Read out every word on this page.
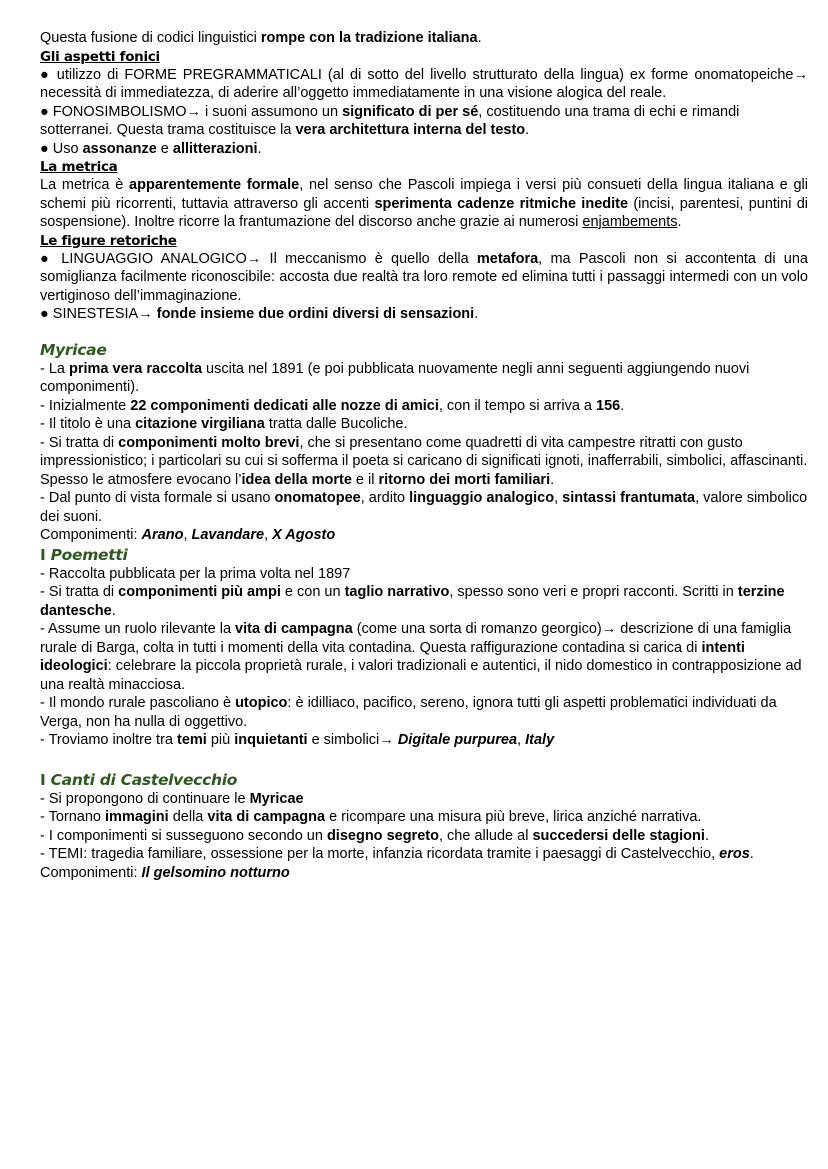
Questa fusione di codici linguistici rompe con la tradizione italiana.

Gli aspetti fonici

● utilizzo di FORME PREGRAMMATICALI (al di sotto del livello strutturato della lingua) ex forme onomatopeiche→ necessità di immediatezza, di aderire all’oggetto immediatamente in una visione alogica del reale.

● FONOSIMBOLISMO→ i suoni assumono un significato di per sé, costituendo una trama di echi e rimandi sotterranei. Questa trama costituisce la vera architettura interna del testo.

● Uso assonanze e allitterazioni.

La metrica

La metrica è apparentemente formale, nel senso che Pascoli impiega i versi più consueti della lingua italiana e gli schemi più ricorrenti, tuttavia attraverso gli accenti sperimenta cadenze ritmiche inedite (incisi, parentesi, puntini di sospensione). Inoltre ricorre la frantumazione del discorso anche grazie ai numerosi enjambements.

Le figure retoriche

● LINGUAGGIO ANALOGICO→ Il meccanismo è quello della metafora, ma Pascoli non si accontenta di una somiglianza facilmente riconoscibile: accosta due realtà tra loro remote ed elimina tutti i passaggi intermedi con un volo vertiginoso dell’immaginazione.

● SINESTESIA→ fonde insieme due ordini diversi di sensazioni.

Myricae

- La prima vera raccolta uscita nel 1891 (e poi pubblicata nuovamente negli anni seguenti aggiungendo nuovi componimenti).

- Inizialmente 22 componimenti dedicati alle nozze di amici, con il tempo si arriva a 156.

- Il titolo è una citazione virgiliana tratta dalle Bucoliche.

- Si tratta di componimenti molto brevi, che si presentano come quadretti di vita campestre ritratti con gusto impressionistico; i particolari su cui si sofferma il poeta si caricano di significati ignoti, inafferrabili, simbolici, affascinanti. Spesso le atmosfere evocano l’idea della morte e il ritorno dei morti familiari.

- Dal punto di vista formale si usano onomatopee, ardito linguaggio analogico, sintassi frantumata, valore simbolico dei suoni.

Componimenti: Arano, Lavandare, X Agosto

I Poemetti

- Raccolta pubblicata per la prima volta nel 1897

- Si tratta di componimenti più ampi e con un taglio narrativo, spesso sono veri e propri racconti. Scritti in terzine dantesche.

- Assume un ruolo rilevante la vita di campagna (come una sorta di romanzo georgico)→ descrizione di una famiglia rurale di Barga, colta in tutti i momenti della vita contadina. Questa raffigurazione contadina si carica di intenti ideologici: celebrare la piccola proprietà rurale, i valori tradizionali e autentici, il nido domestico in contrapposizione ad una realtà minacciosa.

- Il mondo rurale pascoliano è utopico: è idilliaco, pacifico, sereno, ignora tutti gli aspetti problematici individuati da Verga, non ha nulla di oggettivo.

- Troviamo inoltre tra temi più inquietanti e simbolici→ Digitale purpurea, Italy

I Canti di Castelvecchio

- Si propongono di continuare le Myricae

- Tornano immagini della vita di campagna e ricompare una misura più breve, lirica anziché narrativa.

- I componimenti si susseguono secondo un disegno segreto, che allude al succedersi delle stagioni.

- TEMI: tragedia familiare, ossessione per la morte, infanzia ricordata tramite i paesaggi di Castelvecchio, eros. Componimenti: Il gelsomino notturno
